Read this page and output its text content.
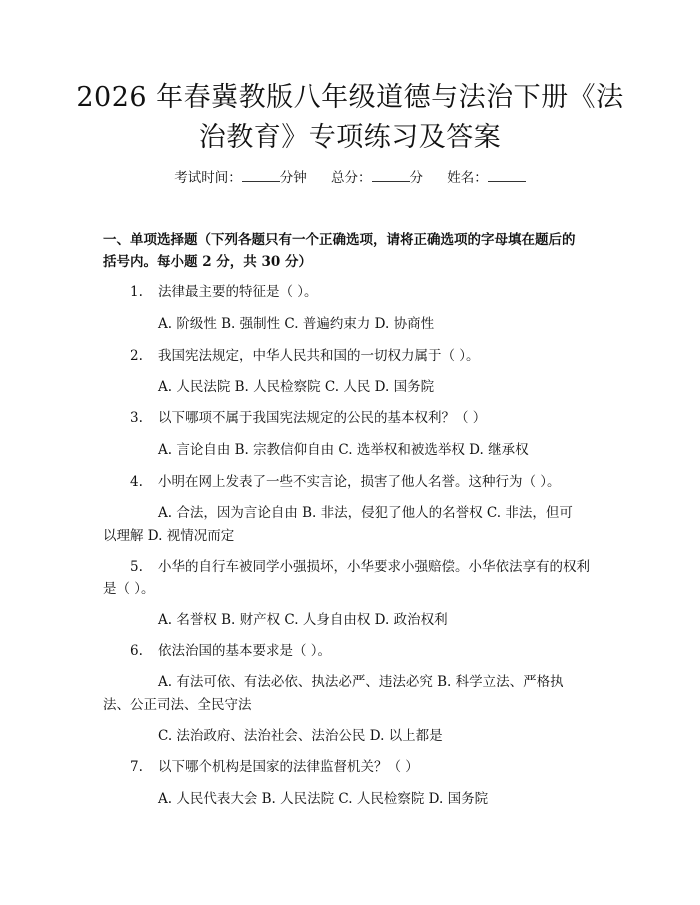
2026 年春冀教版八年级道德与法治下册《法
治教育》专项练习及答案
考试时间：	分钟 总分：	分 姓名：
一、单项选择题（下列各题只有一个正确选项，请将正确选项的字母填在题后的
括号内。每小题 2 分，共 30 分）
1. 法律最主要的特征是（ ）。
A. 阶级性 B. 强制性 C. 普遍约束力 D. 协商性
2. 我国宪法规定，中华人民共和国的一切权力属于（ ）。
A. 人民法院 B. 人民检察院 C. 人民 D. 国务院
3. 以下哪项不属于我国宪法规定的公民的基本权利？（ ）
A. 言论自由 B. 宗教信仰自由 C. 选举权和被选举权 D. 继承权
4. 小明在网上发表了一些不实言论，损害了他人名誉。这种行为（ ）。
A. 合法，因为言论自由 B. 非法，侵犯了他人的名誉权 C. 非法，但可
以理解 D. 视情况而定
5. 小华的自行车被同学小强损坏，小华要求小强赔偿。小华依法享有的权利
是（ ）。
A. 名誉权 B. 财产权 C. 人身自由权 D. 政治权利
6. 依法治国的基本要求是（ ）。
A. 有法可依、有法必依、执法必严、违法必究 B. 科学立法、严格执
法、公正司法、全民守法
C. 法治政府、法治社会、法治公民 D. 以上都是
7. 以下哪个机构是国家的法律监督机关？（ ）
A. 人民代表大会 B. 人民法院 C. 人民检察院 D. 国务院
